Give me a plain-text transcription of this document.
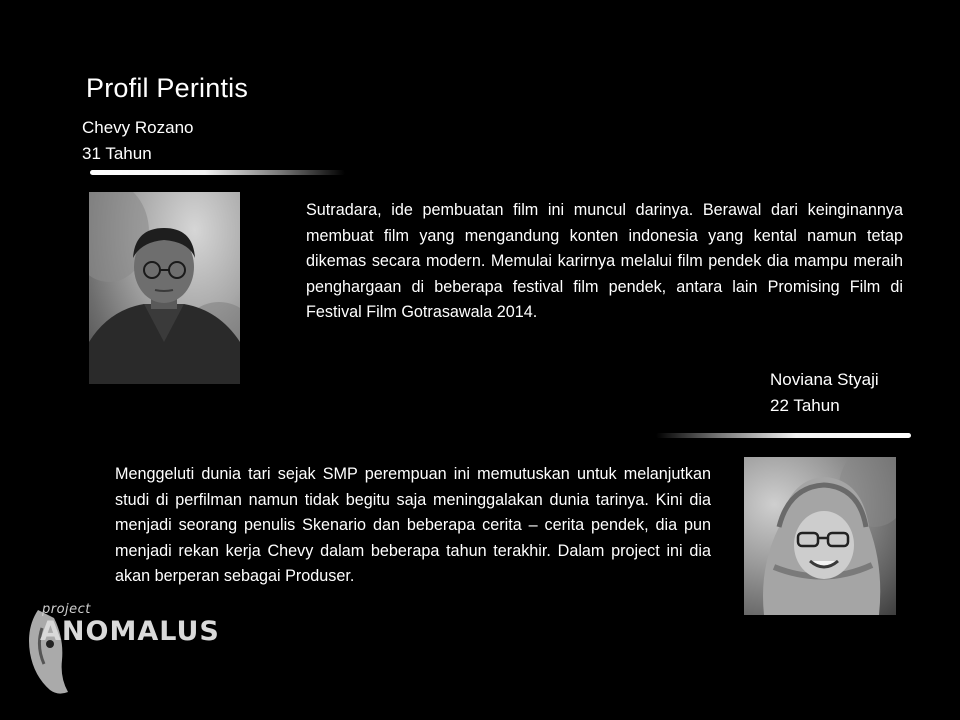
Profil Perintis
Chevy Rozano
31 Tahun

Sutradara, ide pembuatan film ini muncul darinya. Berawal dari keinginannya membuat film yang mengandung konten indonesia yang kental namun tetap dikemas secara modern. Memulai karirnya melalui film pendek dia mampu meraih penghargaan di beberapa festival film pendek, antara lain Promising Film di Festival Film Gotrasawala 2014.

Noviana Styaji
22 Tahun

Menggeluti dunia tari sejak SMP perempuan ini memutuskan untuk melanjutkan studi di perfilman namun tidak begitu saja meninggalakan dunia tarinya. Kini dia menjadi seorang penulis Skenario dan beberapa cerita – cerita pendek, dia pun menjadi rekan kerja Chevy dalam beberapa tahun terakhir. Dalam project ini dia akan berperan sebagai Produser.

project
ANOMALUS
